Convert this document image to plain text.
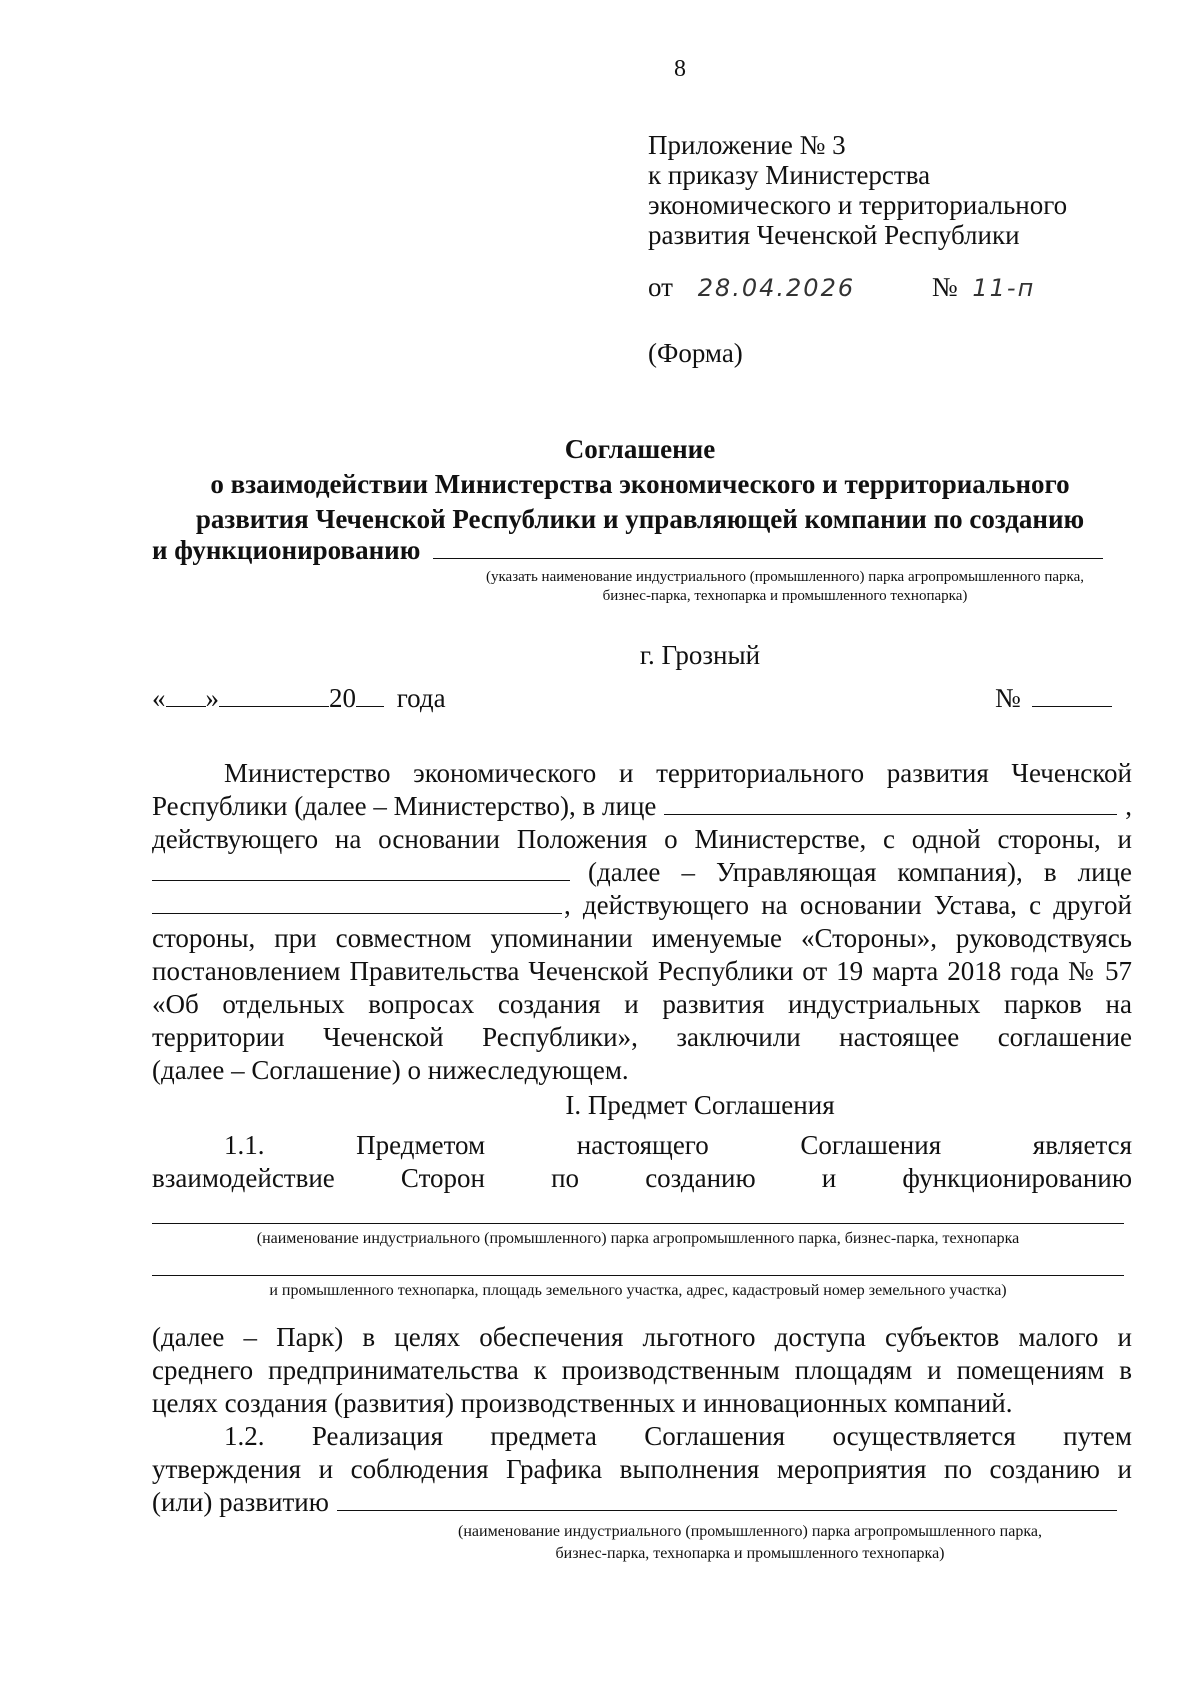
8
Приложение № 3
к приказу Министерства
экономического и территориального
развития Чеченской Республики
от 28.04.2026	№ 11-п
(Форма)
Соглашение
о взаимодействии Министерства экономического и территориального
развития Чеченской Республики и управляющей компании по созданию
и функционированию
(указать наименование индустриального (промышленного) парка агропромышленного парка,
бизнес-парка, технопарка и промышленного технопарка)
г. Грозный
« »	20 года	№
Министерство экономического и территориального развития Чеченской
Республики (далее – Министерство), в лице	,
действующего на основании Положения о Министерстве, с одной стороны, и
(далее – Управляющая компания), в лице
, действующего на основании Устава, с другой
стороны, при совместном упоминании именуемые «Стороны», руководствуясь
постановлением Правительства Чеченской Республики от 19 марта 2018 года № 57
«Об отдельных вопросах создания и развития индустриальных парков на
территории Чеченской Республики», заключили настоящее соглашение
(далее – Соглашение) о нижеследующем.
I. Предмет Соглашения
1.1. Предметом настоящего Соглашения является
взаимодействие Сторон по созданию и функционированию
(наименование индустриального (промышленного) парка агропромышленного парка, бизнес-парка, технопарка
и промышленного технопарка, площадь земельного участка, адрес, кадастровый номер земельного участка)
(далее – Парк) в целях обеспечения льготного доступа субъектов малого и
среднего предпринимательства к производственным площадям и помещениям в
целях создания (развития) производственных и инновационных компаний.
1.2. Реализация предмета Соглашения осуществляется путем
утверждения и соблюдения Графика выполнения мероприятия по созданию и
(или) развитию
(наименование индустриального (промышленного) парка агропромышленного парка,
бизнес-парка, технопарка и промышленного технопарка)
